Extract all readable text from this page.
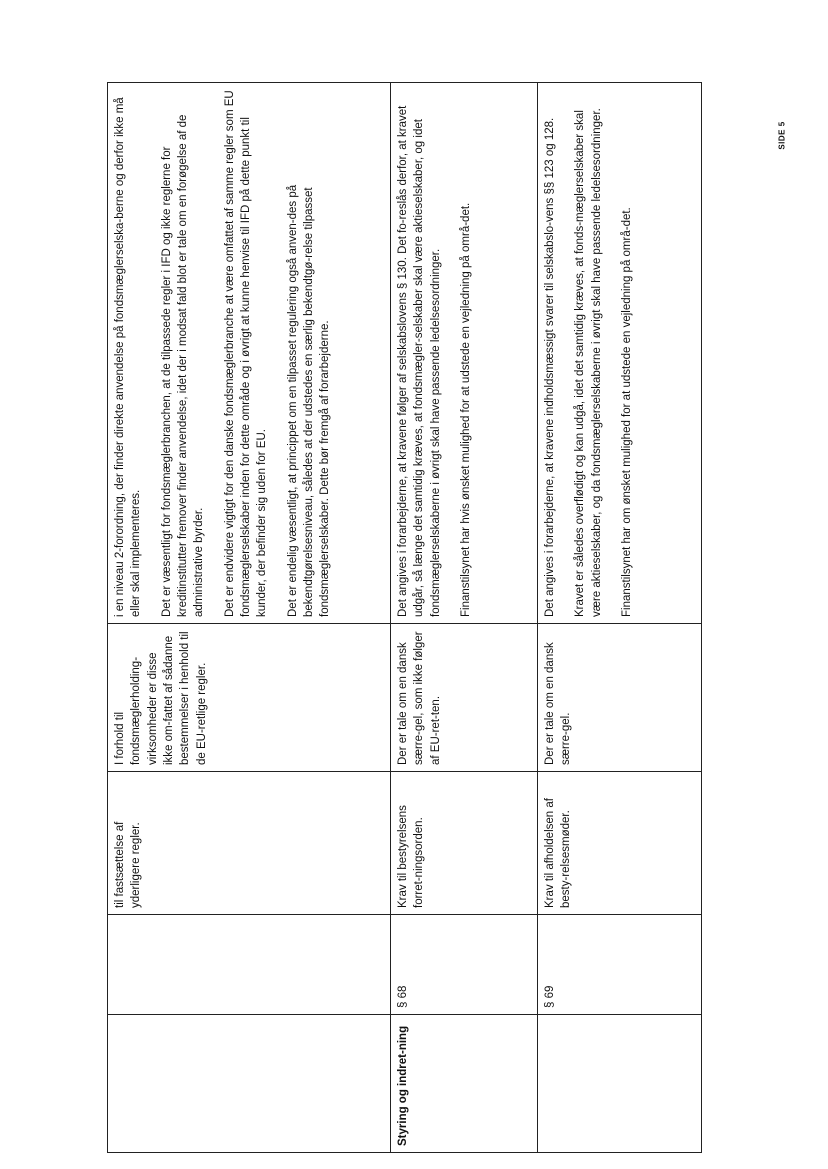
		til fastsættelse af yderligere regler.	I forhold til fondsmæglerholding-virksomheder er disse ikke om-fattet af sådanne bestemmelser i henhold til de EU-retlige regler.	i en niveau 2-forordning, der finder direkte anvendelse på fondsmæglerselska-berne og derfor ikke må eller skal implementeres. Det er væsentligt for fondsmæglerbranchen, at de tilpassede regler i IFD og ikke reglerne for kreditinstitutter fremover finder anvendelse, idet der i modsat fald blot er tale om en forøgelse af de administrative byrder. Det er endvidere vigtigt for den danske fondsmæglerbranche at være omfattet af samme regler som EU fondsmæglerselskaber inden for dette område og i øvrigt at kunne henvise til IFD på dette punkt til kunder, der befinder sig uden for EU. Det er endelig væsentligt, at princippet om en tilpasset regulering også anven-des på bekendtgørelsesniveau, således at der udstedes en særlig bekendtgø-relse tilpasset fondsmæglerselskaber. Dette bør fremgå af forarbejderne.

Styring og indret-ning	§ 68	Krav til bestyrelsens forret-ningsorden.	Der er tale om en dansk særre-gel, som ikke følger af EU-ret-ten.	Det angives i forarbejderne, at kravene følger af selskabslovens § 130. Det fo-reslås derfor, at kravet udgår, så længe det samtidig kræves, at fondsmægler-selskaber skal være aktieselskaber, og idet fondsmæglerselskaberne i øvrigt skal have passende ledelsesordninger. Finanstilsynet har hvis ønsket mulighed for at udstede en vejledning på områ-det.

	§ 69	Krav til afholdelsen af besty-relsesmøder.	Der er tale om en dansk særre-gel.	Det angives i forarbejderne, at kravene indholdsmæssigt svarer til selskabslo-vens §§ 123 og 128. Kravet er således overflødigt og kan udgå, idet det samtidig kræves, at fonds-mæglerselskaber skal være aktieselskaber, og da fondsmæglerselskaberne i øvrigt skal have passende ledelsesordninger. Finanstilsynet har om ønsket mulighed for at udstede en vejledning på områ-det.

SIDE 5
